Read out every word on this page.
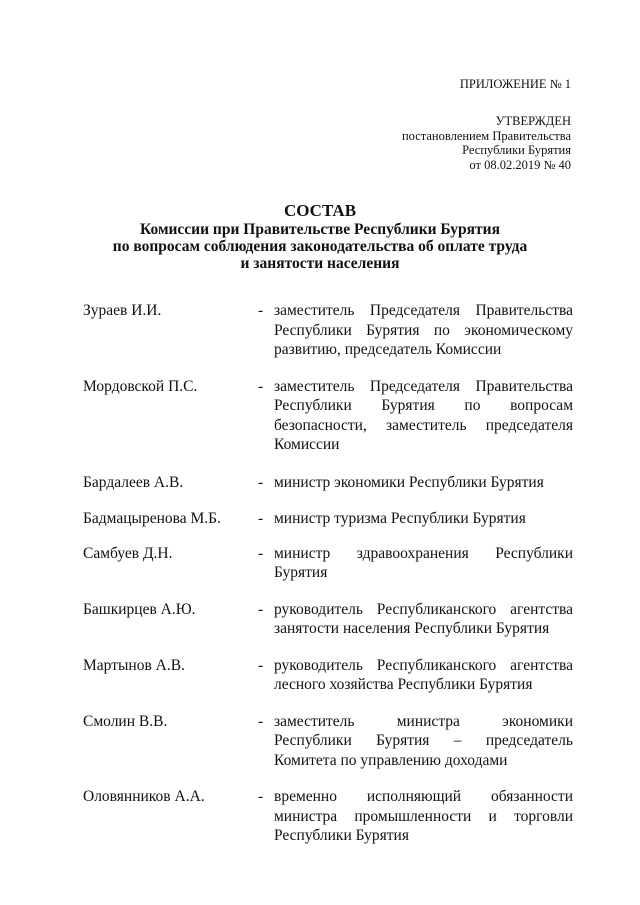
ПРИЛОЖЕНИЕ № 1
УТВЕРЖДЕН
постановлением Правительства
Республики Бурятия
от 08.02.2019 № 40
СОСТАВ
Комиссии при Правительстве Республики Бурятия
по вопросам соблюдения законодательства об оплате труда
и занятости населения
Зураев И.И.	- заместитель Председателя Правительства Республики Бурятия по экономическому развитию, председатель Комиссии
Мордовской П.С.	- заместитель Председателя Правительства Республики Бурятия по вопросам безопасности, заместитель председателя Комиссии
Бардалеев А.В.	- министр экономики Республики Бурятия
Бадмацыренова М.Б.	- министр туризма Республики Бурятия
Самбуев Д.Н.	- министр здравоохранения Республики Бурятия
Башкирцев А.Ю.	- руководитель Республиканского агентства занятости населения Республики Бурятия
Мартынов А.В.	- руководитель Республиканского агентства лесного хозяйства Республики Бурятия
Смолин В.В.	- заместитель министра экономики Республики Бурятия – председатель Комитета по управлению доходами
Оловянников А.А.	- временно исполняющий обязанности министра промышленности и торговли Республики Бурятия
